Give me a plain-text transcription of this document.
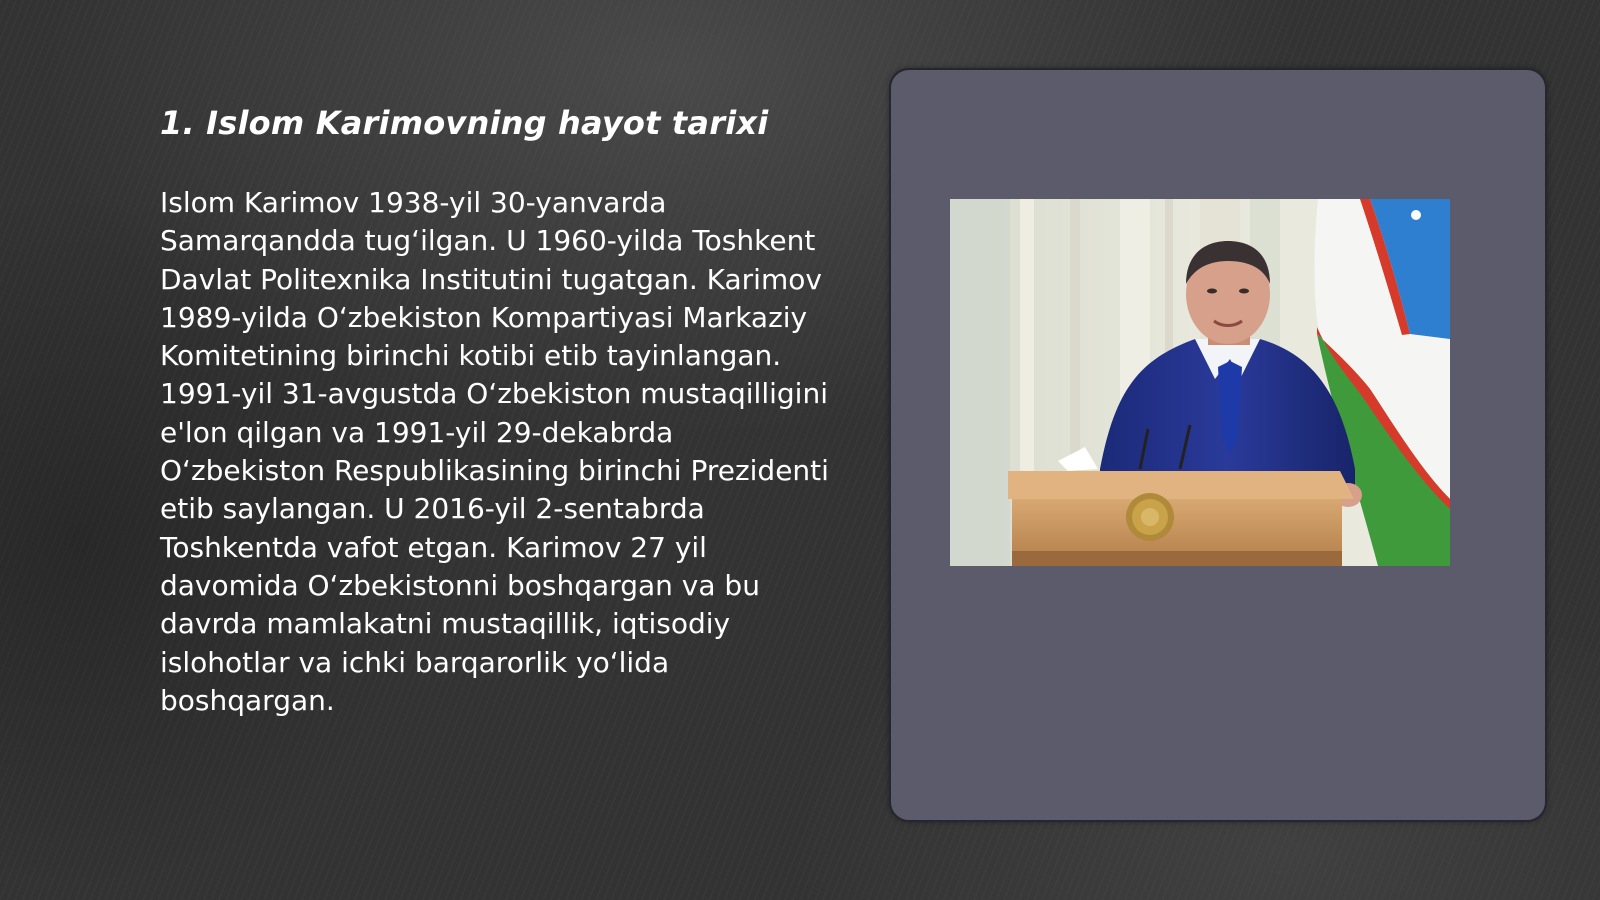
1. Islom Karimovning hayot tarixi

Islom Karimov 1938-yil 30-yanvarda Samarqandda tug‘ilgan. U 1960-yilda Toshkent Davlat Politexnika Institutini tugatgan. Karimov 1989-yilda O‘zbekiston Kompartiyasi Markaziy Komitetining birinchi kotibi etib tayinlangan. 1991-yil 31-avgustda O‘zbekiston mustaqilligini e'lon qilgan va 1991-yil 29-dekabrda O‘zbekiston Respublikasining birinchi Prezidenti etib saylangan. U 2016-yil 2-sentabrda Toshkentda vafot etgan. Karimov 27 yil davomida O‘zbekistonni boshqargan va bu davrda mamlakatni mustaqillik, iqtisodiy islohotlar va ichki barqarorlik yo‘lida boshqargan.
